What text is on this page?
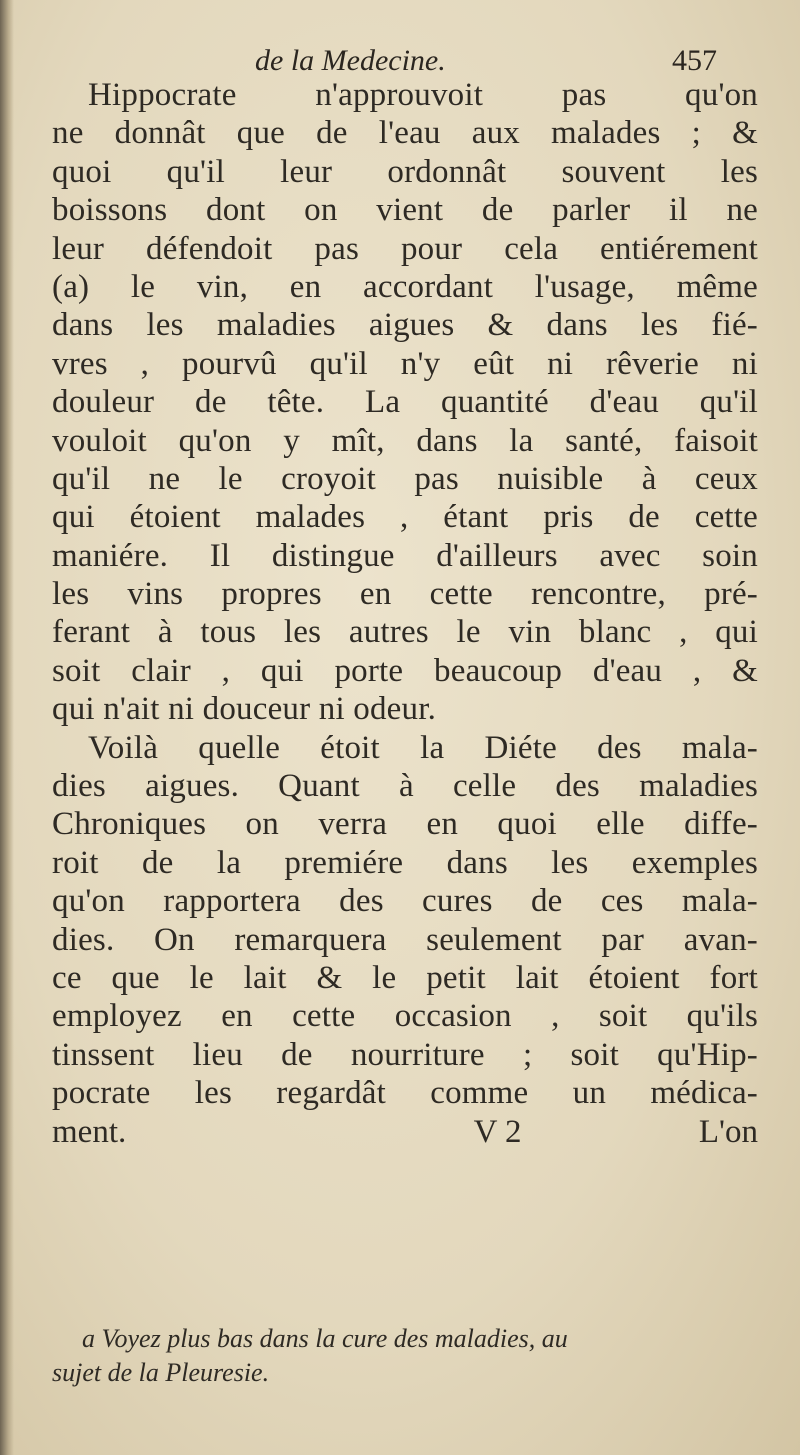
de la Medecine.	457
Hippocrate n'approuvoit pas qu'on
ne donnât que de l'eau aux malades ; &
quoi qu'il leur ordonnât souvent les
boissons dont on vient de parler il ne
leur défendoit pas pour cela entiérement
(a) le vin, en accordant l'usage, même
dans les maladies aigues & dans les fié-
vres , pourvû qu'il n'y eût ni rêverie ni
douleur de tête. La quantité d'eau qu'il
vouloit qu'on y mît, dans la santé, faisoit
qu'il ne le croyoit pas nuisible à ceux
qui étoient malades , étant pris de cette
maniére. Il distingue d'ailleurs avec soin
les vins propres en cette rencontre, pré-
ferant à tous les autres le vin blanc , qui
soit clair , qui porte beaucoup d'eau , &
qui n'ait ni douceur ni odeur.
Voilà quelle étoit la Diéte des mala-
dies aigues. Quant à celle des maladies
Chroniques on verra en quoi elle diffe-
roit de la premiére dans les exemples
qu'on rapportera des cures de ces mala-
dies. On remarquera seulement par avan-
ce que le lait & le petit lait étoient fort
employez en cette occasion , soit qu'ils
tinssent lieu de nourriture ; soit qu'Hip-
pocrate les regardât comme un médica-
ment.	V 2	L'on
a Voyez plus bas dans la cure des maladies, au
sujet de la Pleuresie.
